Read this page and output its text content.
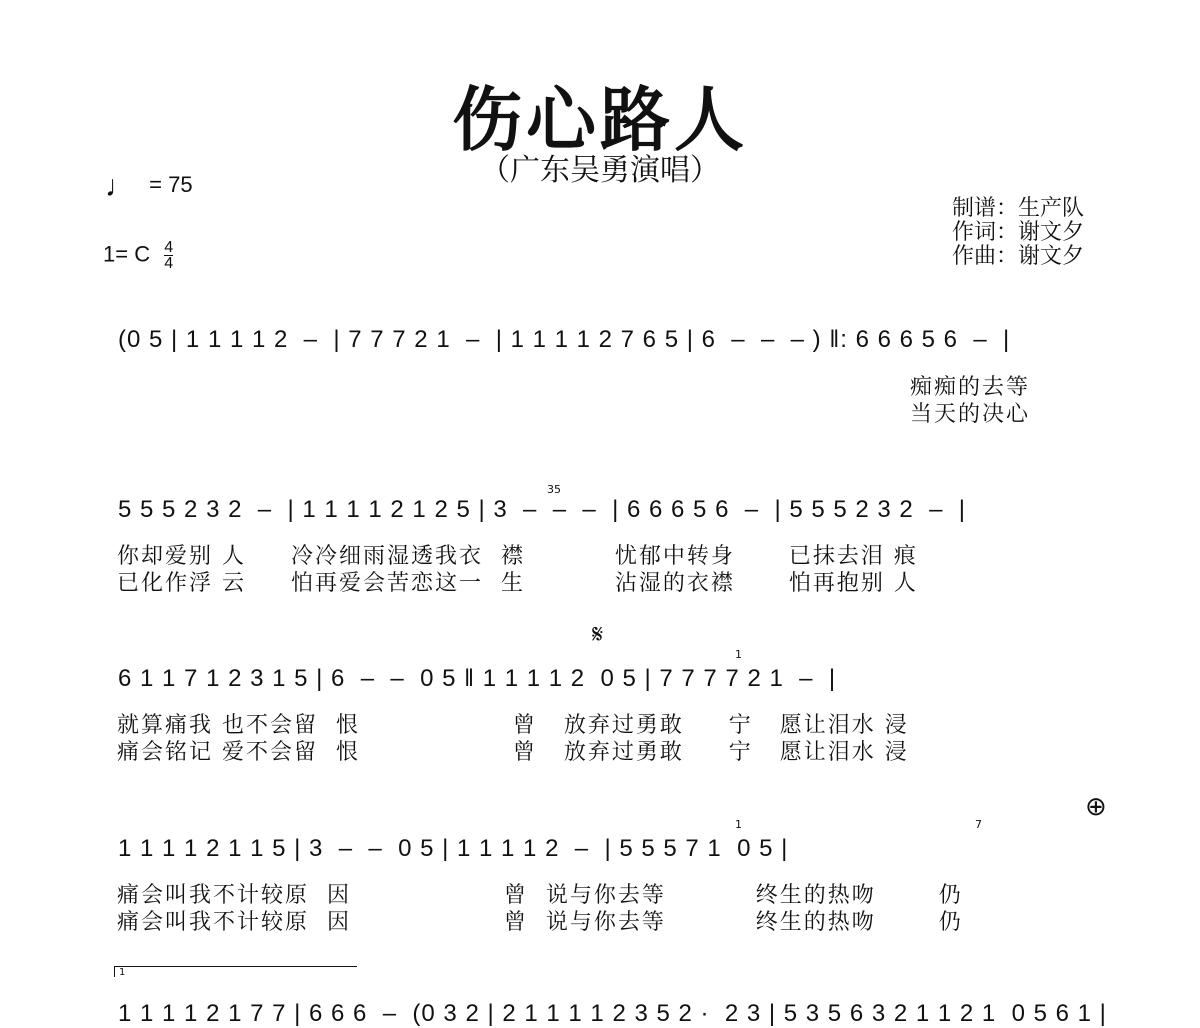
伤心路人
（广东吴勇演唱）
♩ = 75
1= C $\frac{4}{4}$
制谱：生产队
作词：谢文夕
作曲：谢文夕
(0 5 | 1 1 1 1 2  –  | 7 7 7 2 1  –  | 1 1 1 1 2 7 6 5 | 6  –  –  – ) ‖: 6 6 6 5 6  –  |
痴痴的去等
当天的决心
35
5 5 5 2 3 2  –  | 1 1 1 1 2 1 2 5 | 3  –  –  –  | 6 6 6 5 6  –  | 5 5 5 2 3 2  –  |
你却爱别 人     冷冷细雨湿透我衣  襟          忧郁中转身      已抹去泪 痕
已化作浮 云     怕再爱会苦恋这一  生          沾湿的衣襟      怕再抱别 人
𝄋
1
6 1 1 7 1 2 3 1 5 | 6  –  –  0 5 ‖ 1 1 1 1 2  0 5 | 7 7 7 7 2 1  –  |
就算痛我 也不会留  恨                 曾   放弃过勇敢     宁   愿让泪水 浸
痛会铭记 爱不会留  恨                 曾   放弃过勇敢     宁   愿让泪水 浸
⊕
1	7
1 1 1 1 2 1 1 5 | 3  –  –  0 5 | 1 1 1 1 2  –  | 5 5 5 7 1  0 5 |
痛会叫我不计较原  因                 曾  说与你去等          终生的热吻       仍
痛会叫我不计较原  因                 曾  说与你去等          终生的热吻       仍
1
1 1 1 1 2 1 7 7 | 6 6 6  –  (0 3 2 | 2 1 1 1 1 2 3 5 2 ·  2 3 | 5 3 5 6 3 2 1 1 2 1  0 5 6 1 |
